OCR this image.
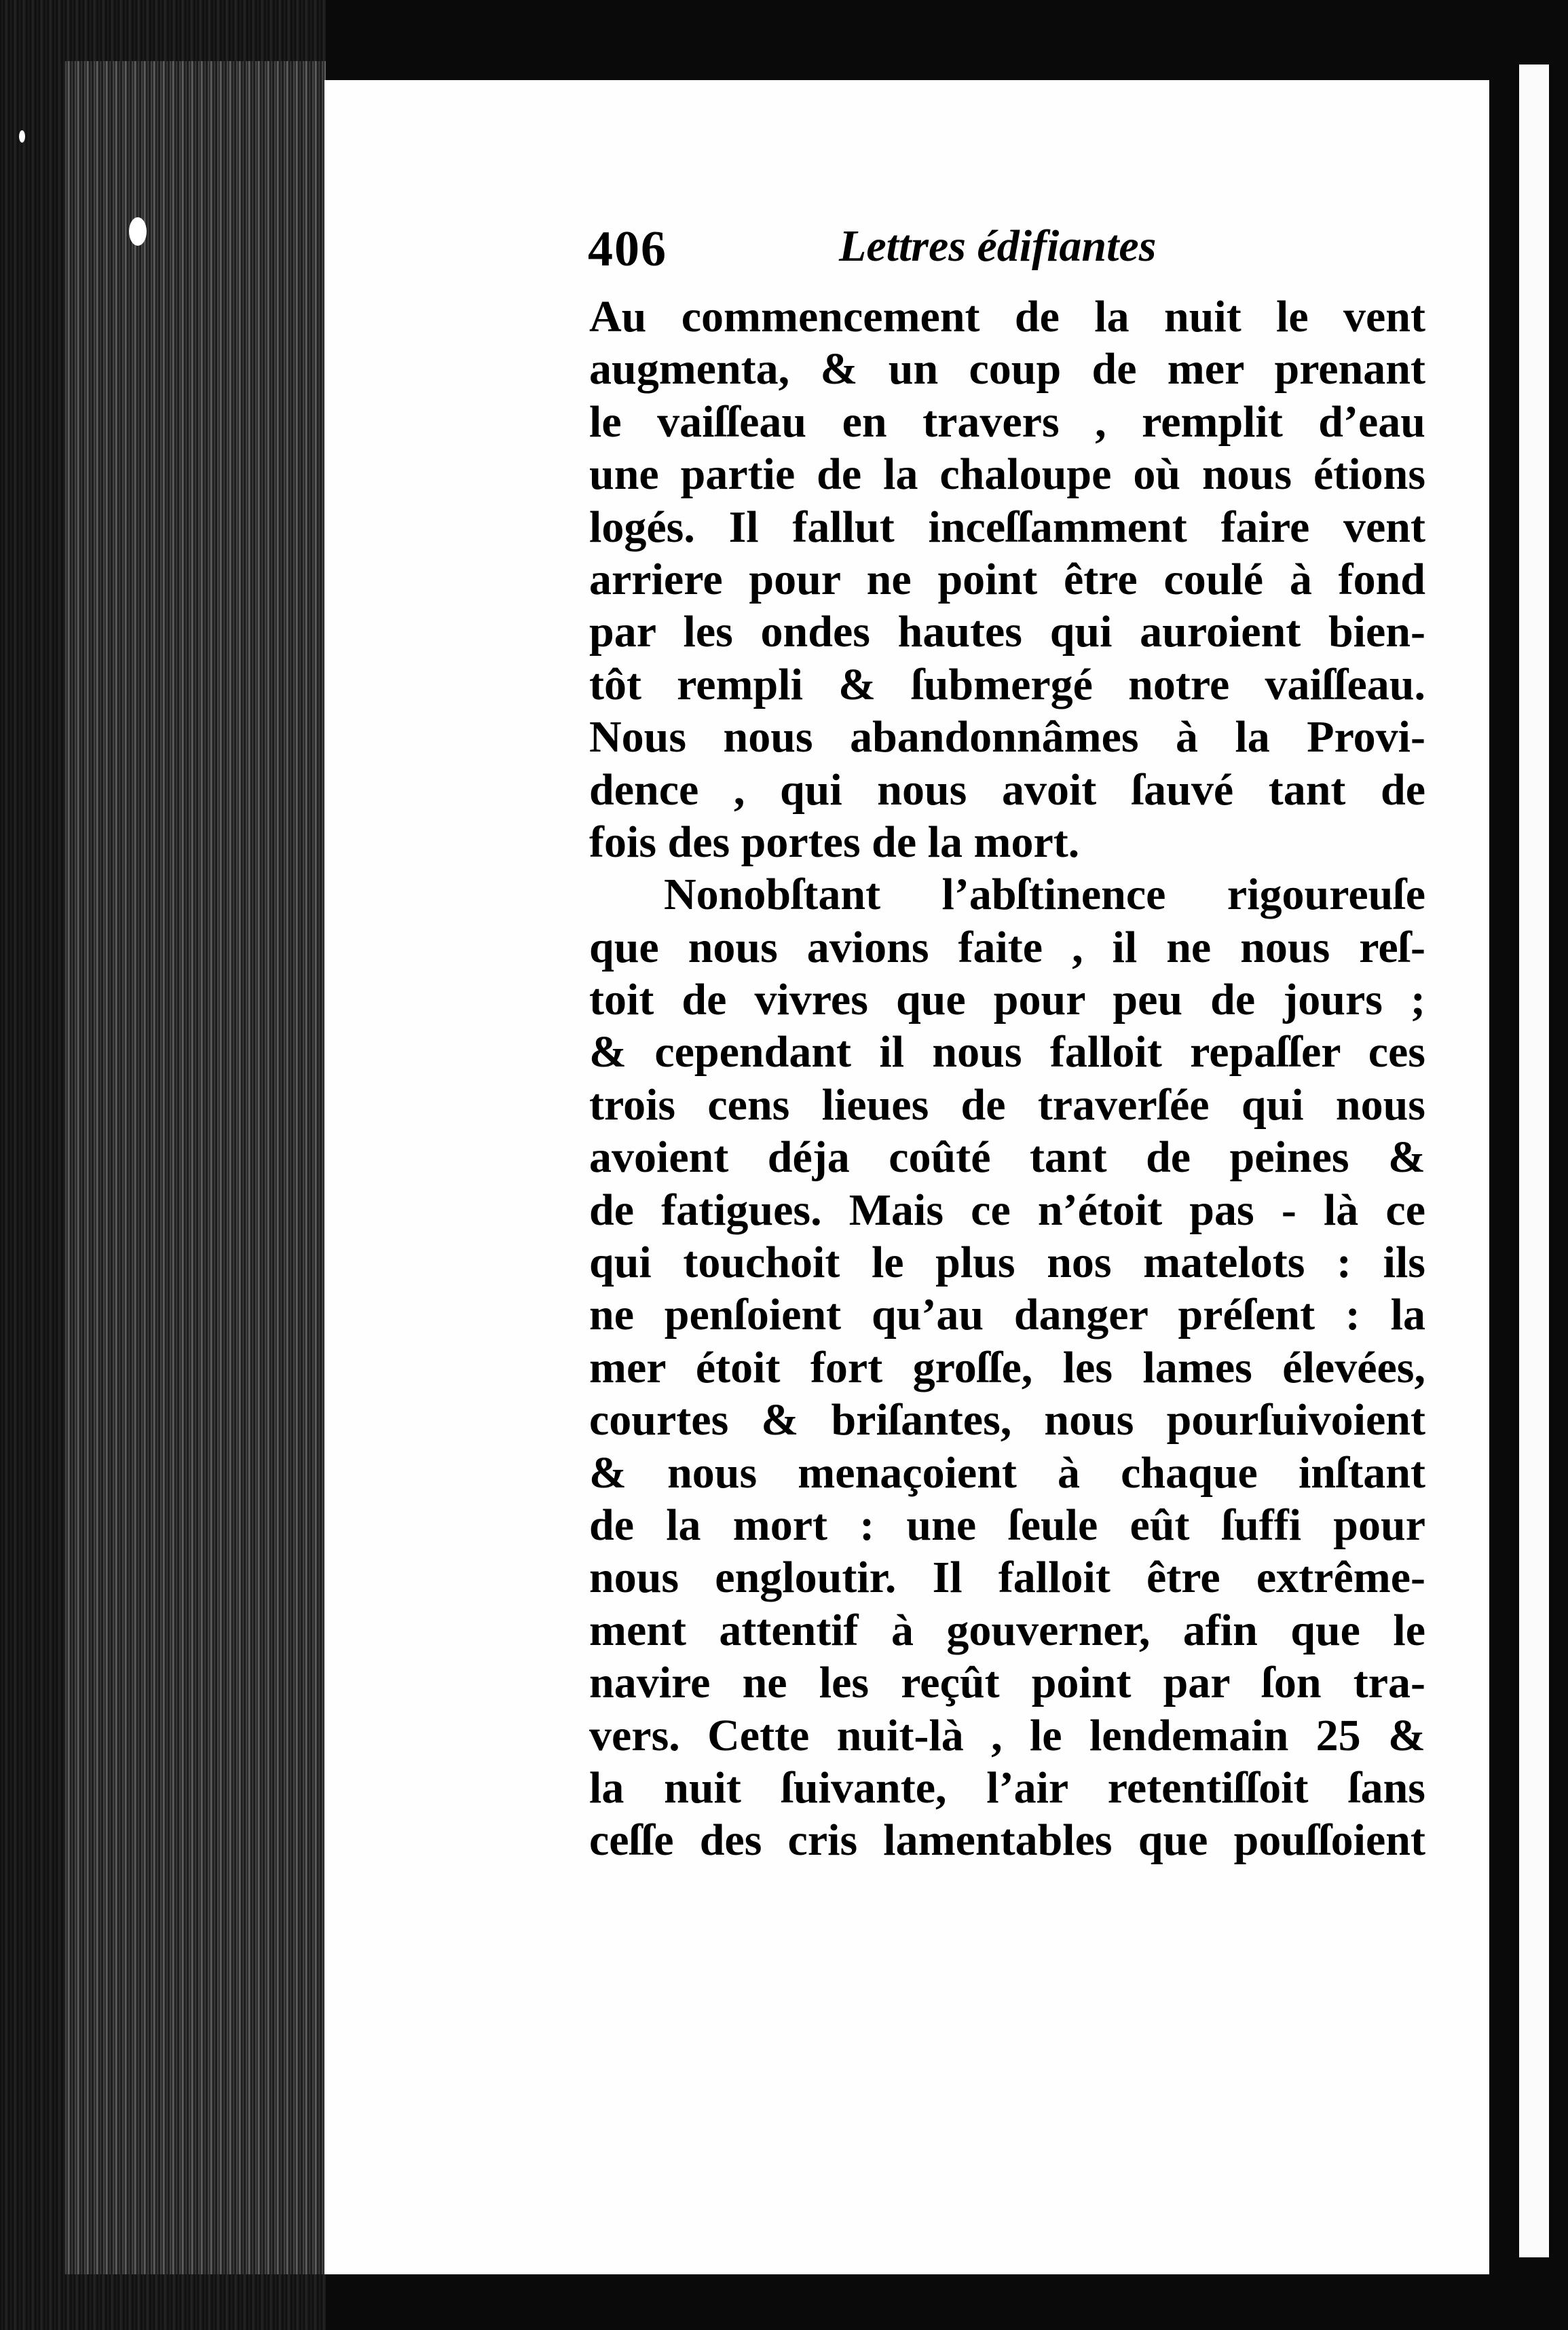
406	Lettres édifiantes
Au commencement de la nuit le vent
augmenta, & un coup de mer prenant
le vaiſſeau en travers , remplit d’eau
une partie de la chaloupe où nous étions
logés. Il fallut inceſſamment faire vent
arriere pour ne point être coulé à fond
par les ondes hautes qui auroient bien-
tôt rempli & ſubmergé notre vaiſſeau.
Nous nous abandonnâmes à la Provi-
dence , qui nous avoit ſauvé tant de
fois des portes de la mort.
Nonobſtant l’abſtinence rigoureuſe
que nous avions faite , il ne nous reſ-
toit de vivres que pour peu de jours ;
& cependant il nous falloit repaſſer ces
trois cens lieues de traverſée qui nous
avoient déja coûté tant de peines &
de fatigues. Mais ce n’étoit pas - là ce
qui touchoit le plus nos matelots : ils
ne penſoient qu’au danger préſent : la
mer étoit fort groſſe, les lames élevées,
courtes & briſantes, nous pourſuivoient
& nous menaçoient à chaque inſtant
de la mort : une ſeule eût ſuffi pour
nous engloutir. Il falloit être extrême-
ment attentif à gouverner, afin que le
navire ne les reçût point par ſon tra-
vers. Cette nuit-là , le lendemain 25 &
la nuit ſuivante, l’air retentiſſoit ſans
ceſſe des cris lamentables que pouſſoient
